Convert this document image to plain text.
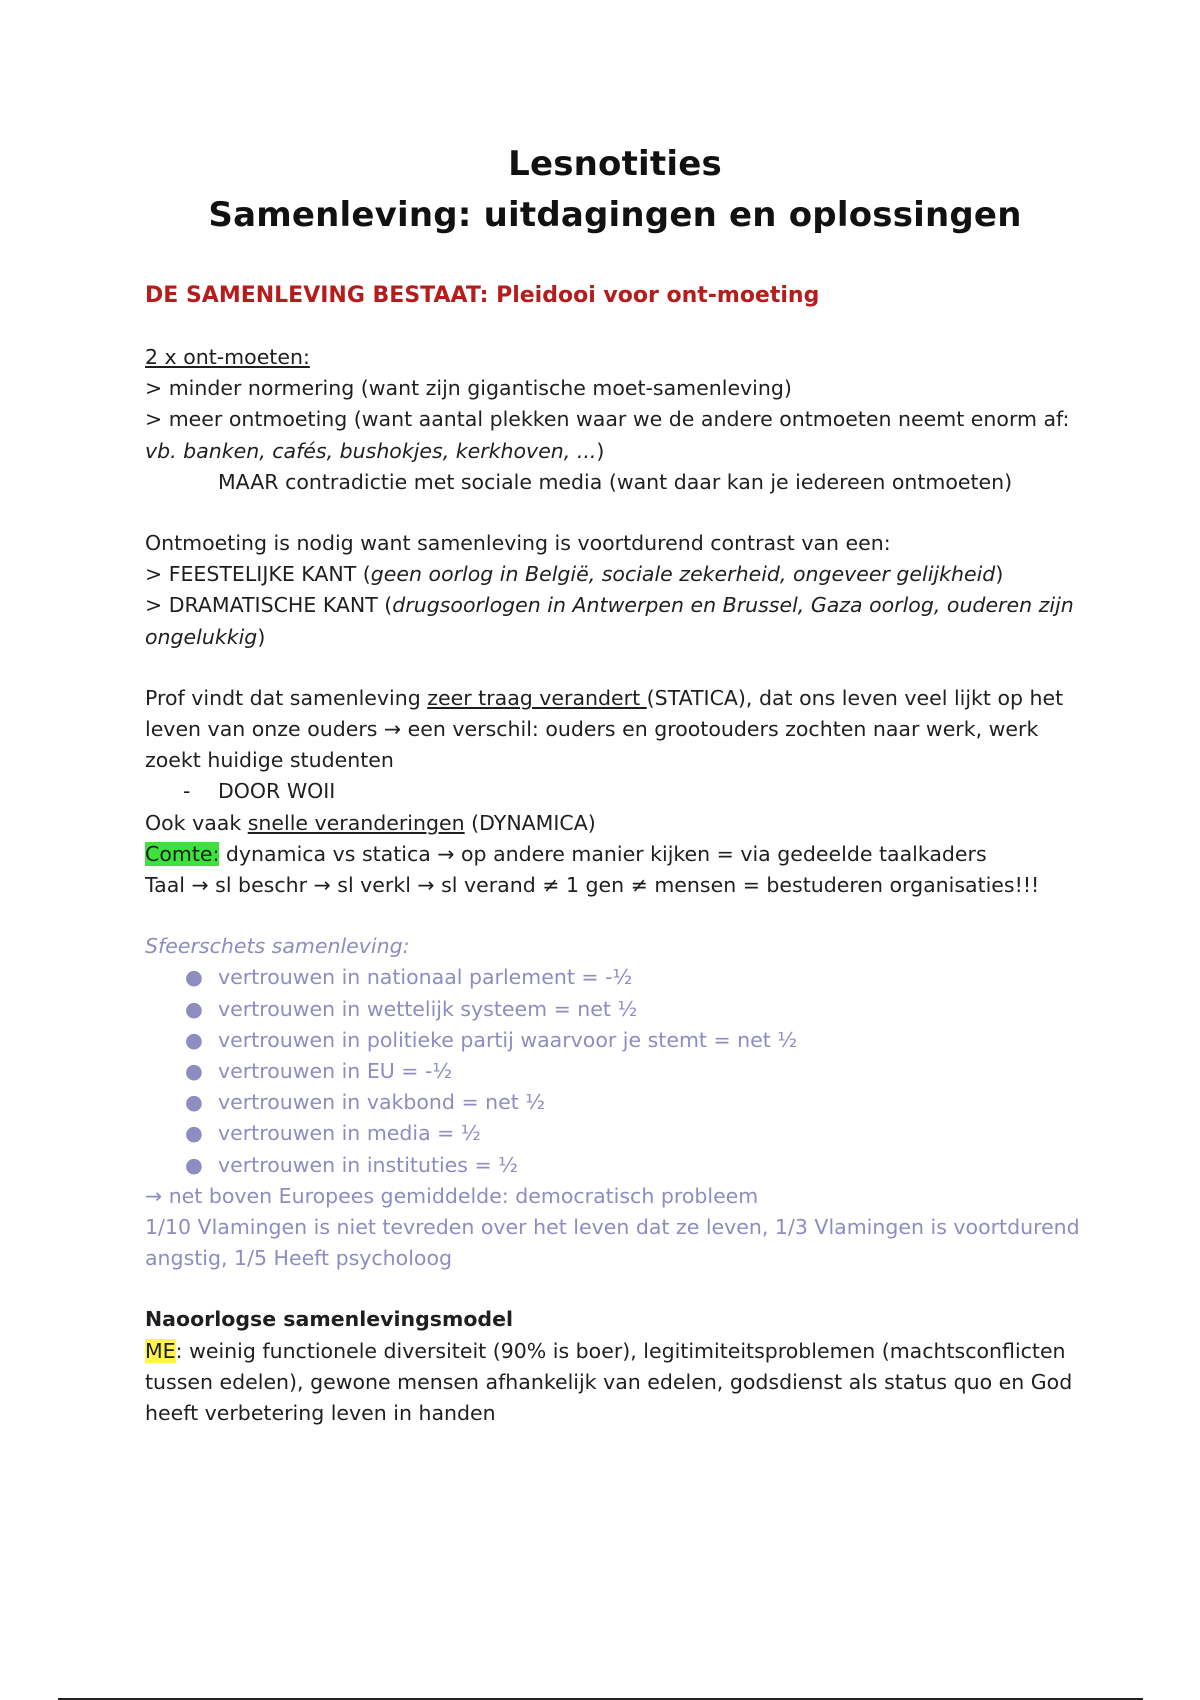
Lesnotities
Samenleving: uitdagingen en oplossingen

DE SAMENLEVING BESTAAT: Pleidooi voor ont-moeting

2 x ont-moeten:

> minder normering (want zijn gigantische moet-samenleving)

> meer ontmoeting (want aantal plekken waar we de andere ontmoeten neemt enorm af: vb. banken, cafés, bushokjes, kerkhoven, ...)

MAAR contradictie met sociale media (want daar kan je iedereen ontmoeten)

Ontmoeting is nodig want samenleving is voortdurend contrast van een:

> FEESTELIJKE KANT (geen oorlog in België, sociale zekerheid, ongeveer gelijkheid)

> DRAMATISCHE KANT (drugsoorlogen in Antwerpen en Brussel, Gaza oorlog, ouderen zijn ongelukkig)

Prof vindt dat samenleving zeer traag verandert (STATICA), dat ons leven veel lijkt op het leven van onze ouders → een verschil: ouders en grootouders zochten naar werk, werk zoekt huidige studenten

- DOOR WOII

Ook vaak snelle veranderingen (DYNAMICA)

Comte: dynamica vs statica → op andere manier kijken = via gedeelde taalkaders

Taal → sl beschr → sl verkl → sl verand ≠ 1 gen ≠ mensen = bestuderen organisaties!!!

Sfeerschets samenleving:

● vertrouwen in nationaal parlement = -½
● vertrouwen in wettelijk systeem = net ½
● vertrouwen in politieke partij waarvoor je stemt = net ½
● vertrouwen in EU = -½
● vertrouwen in vakbond = net ½
● vertrouwen in media = ½
● vertrouwen in instituties = ½

→ net boven Europees gemiddelde: democratisch probleem

1/10 Vlamingen is niet tevreden over het leven dat ze leven, 1/3 Vlamingen is voortdurend angstig, 1/5 Heeft psycholoog

Naoorlogse samenlevingsmodel

ME: weinig functionele diversiteit (90% is boer), legitimiteitsproblemen (machtsconflicten tussen edelen), gewone mensen afhankelijk van edelen, godsdienst als status quo en God heeft verbetering leven in handen
